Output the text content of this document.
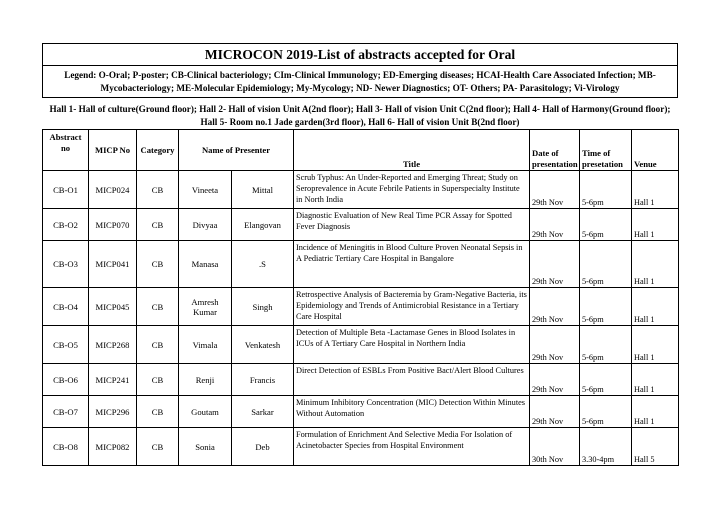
MICROCON 2019-List of abstracts accepted for Oral
Legend: O-Oral; P-poster; CB-Clinical bacteriology; CIm-Clinical Immunology; ED-Emerging diseases; HCAI-Health Care Associated Infection; MB-Mycobacteriology; ME-Molecular Epidemiology; My-Mycology; ND- Newer Diagnostics; OT- Others; PA- Parasitology; Vi-Virology
Hall 1- Hall of culture(Ground floor); Hall 2- Hall of vision Unit A(2nd floor); Hall 3- Hall of vision Unit C(2nd floor); Hall 4- Hall of Harmony(Ground floor); Hall 5- Room no.1 Jade garden(3rd floor), Hall 6- Hall of vision Unit B(2nd floor)
Abstract no	MICP No	Category	Name of Presenter		Title	Date of presentation	Time of presetation	Venue
CB-O1	MICP024	CB	Vineeta	Mittal	Scrub Typhus: An Under-Reported and Emerging Threat; Study on Seroprevalence in Acute Febrile Patients in Superspecialty Institute in North India	29th Nov	5-6pm	Hall 1
CB-O2	MICP070	CB	Divyaa	Elangovan	Diagnostic Evaluation of New Real Time PCR Assay for Spotted Fever Diagnosis	29th Nov	5-6pm	Hall 1
CB-O3	MICP041	CB	Manasa	.S	Incidence of Meningitis in Blood Culture Proven Neonatal Sepsis in A Pediatric Tertiary Care Hospital in Bangalore	29th Nov	5-6pm	Hall 1
CB-O4	MICP045	CB	Amresh Kumar	Singh	Retrospective Analysis of Bacteremia by Gram-Negative Bacteria, its Epidemiology and Trends of Antimicrobial Resistance in a Tertiary Care Hospital	29th Nov	5-6pm	Hall 1
CB-O5	MICP268	CB	Vimala	Venkatesh	Detection of Multiple Beta -Lactamase Genes in Blood Isolates in ICUs of A Tertiary Care Hospital in Northern India	29th Nov	5-6pm	Hall 1
CB-O6	MICP241	CB	Renji	Francis	Direct Detection of ESBLs From Positive Bact/Alert Blood Cultures	29th Nov	5-6pm	Hall 1
CB-O7	MICP296	CB	Goutam	Sarkar	Minimum Inhibitory Concentration (MIC) Detection Within Minutes Without Automation	29th Nov	5-6pm	Hall 1
CB-O8	MICP082	CB	Sonia	Deb	Formulation of Enrichment And Selective Media For Isolation of Acinetobacter Species from Hospital Environment	30th Nov	3.30-4pm	Hall 5
